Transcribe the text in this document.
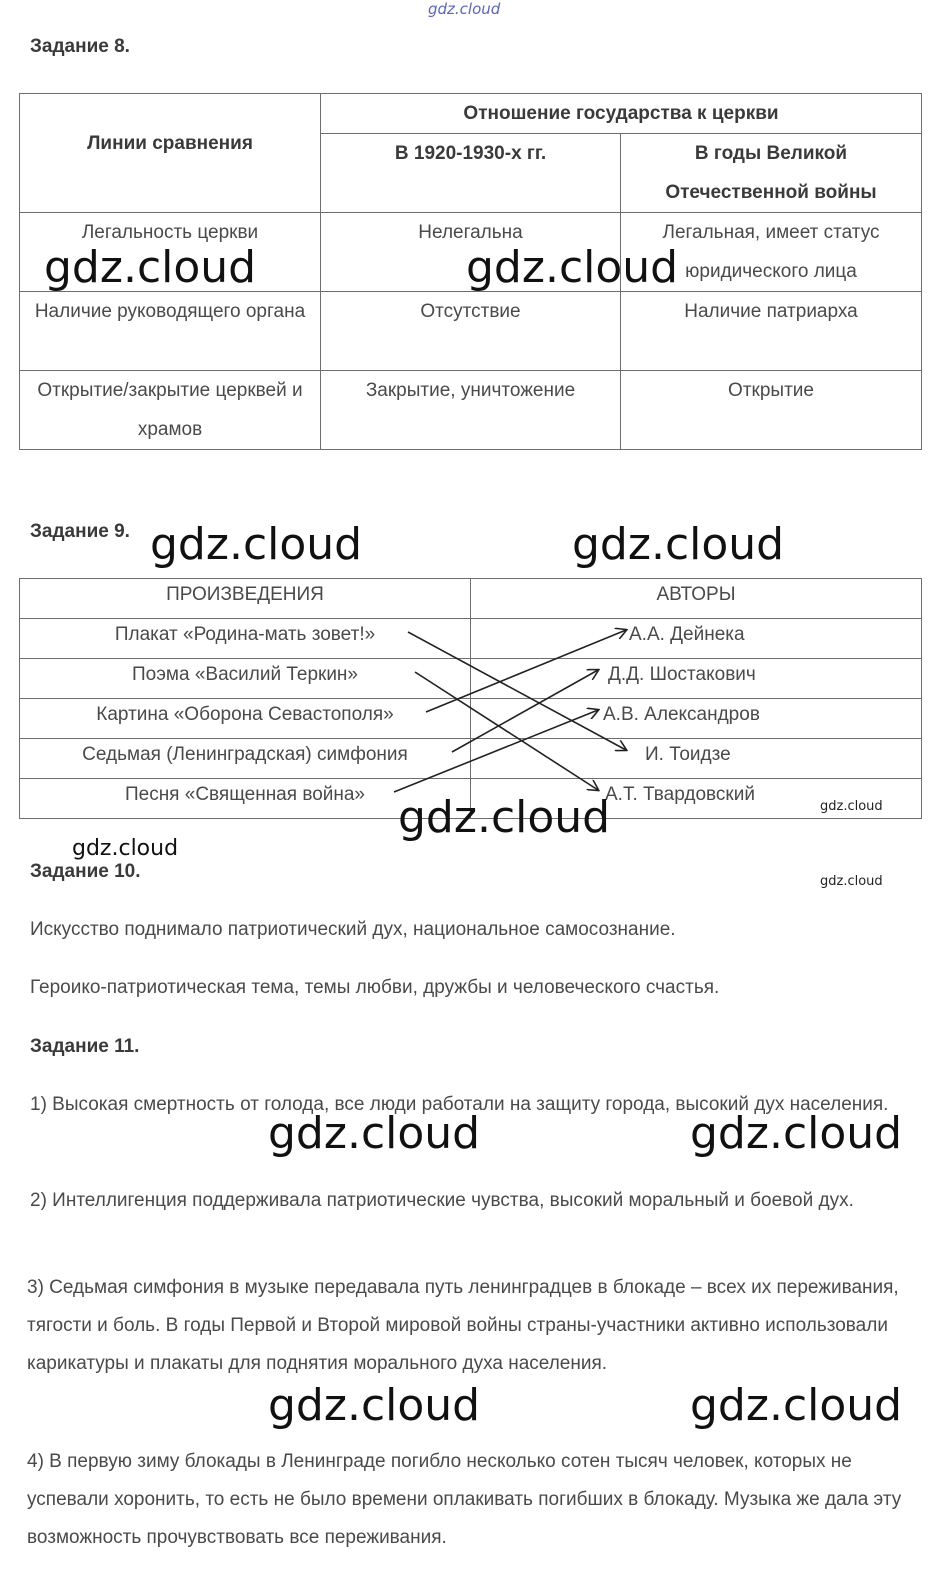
gdz.cloud
Задание 8.
Линии сравнения	Отношение государства к церкви	
	В 1920-1930-х гг.	В годы Великой Отечественной войны
Легальность церкви	Нелегальна	Легальная, имеет статус юридического лица
Наличие руководящего органа	Отсутствие	Наличие патриарха
Открытие/закрытие церквей и храмов	Закрытие, уничтожение	Открытие
Задание 9.
ПРОИЗВЕДЕНИЯ	АВТОРЫ
Плакат «Родина-мать зовет!»	А.А. Дейнека
Поэма «Василий Теркин»	Д.Д. Шостакович
Картина «Оборона Севастополя»	А.В. Александров
Седьмая (Ленинградская) симфония	И. Тоидзе
Песня «Священная война»	А.Т. Твардовский
Задание 10.
Искусство поднимало патриотический дух, национальное самосознание.
Героико-патриотическая тема, темы любви, дружбы и человеческого счастья.
Задание 11.
1) Высокая смертность от голода, все люди работали на защиту города, высокий дух населения.
2) Интеллигенция поддерживала патриотические чувства, высокий моральный и боевой дух.
3) Седьмая симфония в музыке передавала путь ленинградцев в блокаде – всех их переживания, тягости и боль. В годы Первой и Второй мировой войны страны-участники активно использовали карикатуры и плакаты для поднятия морального духа населения.
4) В первую зиму блокады в Ленинграде погибло несколько сотен тысяч человек, которых не успевали хоронить, то есть не было времени оплакивать погибших в блокаду. Музыка же дала эту возможность прочувствовать все переживания.
gdz.cloud	gdz.cloud
gdz.cloud	gdz.cloud
gdz.cloud	gdz.cloud
gdz.cloud
gdz.cloud
gdz.cloud	gdz.cloud
gdz.cloud	gdz.cloud
